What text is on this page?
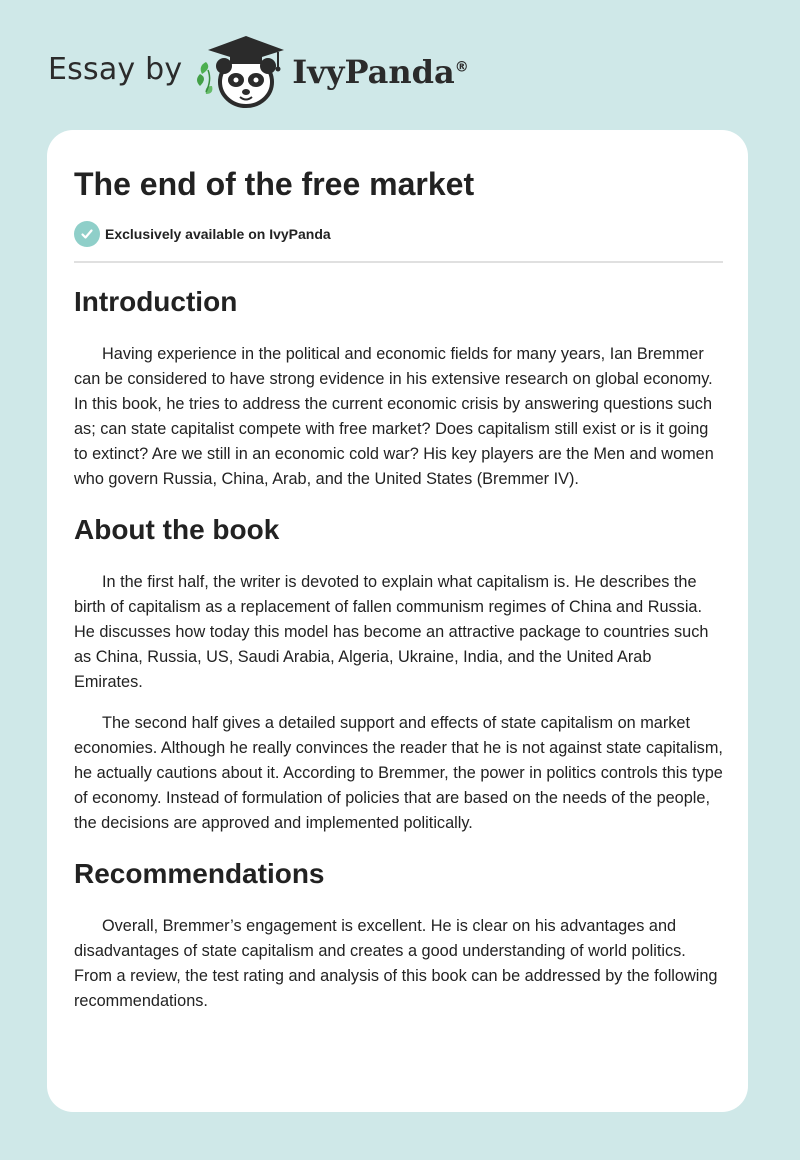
Essay by	IvyPanda®
The end of the free market
Exclusively available on IvyPanda
Introduction

Having experience in the political and economic fields for many years, Ian Bremmer can be considered to have strong evidence in his extensive research on global economy. In this book, he tries to address the current economic crisis by answering questions such as; can state capitalist compete with free market? Does capitalism still exist or is it going to extinct? Are we still in an economic cold war? His key players are the Men and women who govern Russia, China, Arab, and the United States (Bremmer IV).

About the book

In the first half, the writer is devoted to explain what capitalism is. He describes the birth of capitalism as a replacement of fallen communism regimes of China and Russia. He discusses how today this model has become an attractive package to countries such as China, Russia, US, Saudi Arabia, Algeria, Ukraine, India, and the United Arab Emirates.

The second half gives a detailed support and effects of state capitalism on market economies. Although he really convinces the reader that he is not against state capitalism, he actually cautions about it. According to Bremmer, the power in politics controls this type of economy. Instead of formulation of policies that are based on the needs of the people, the decisions are approved and implemented politically.

Recommendations

Overall, Bremmer’s engagement is excellent. He is clear on his advantages and disadvantages of state capitalism and creates a good understanding of world politics. From a review, the test rating and analysis of this book can be addressed by the following recommendations.
